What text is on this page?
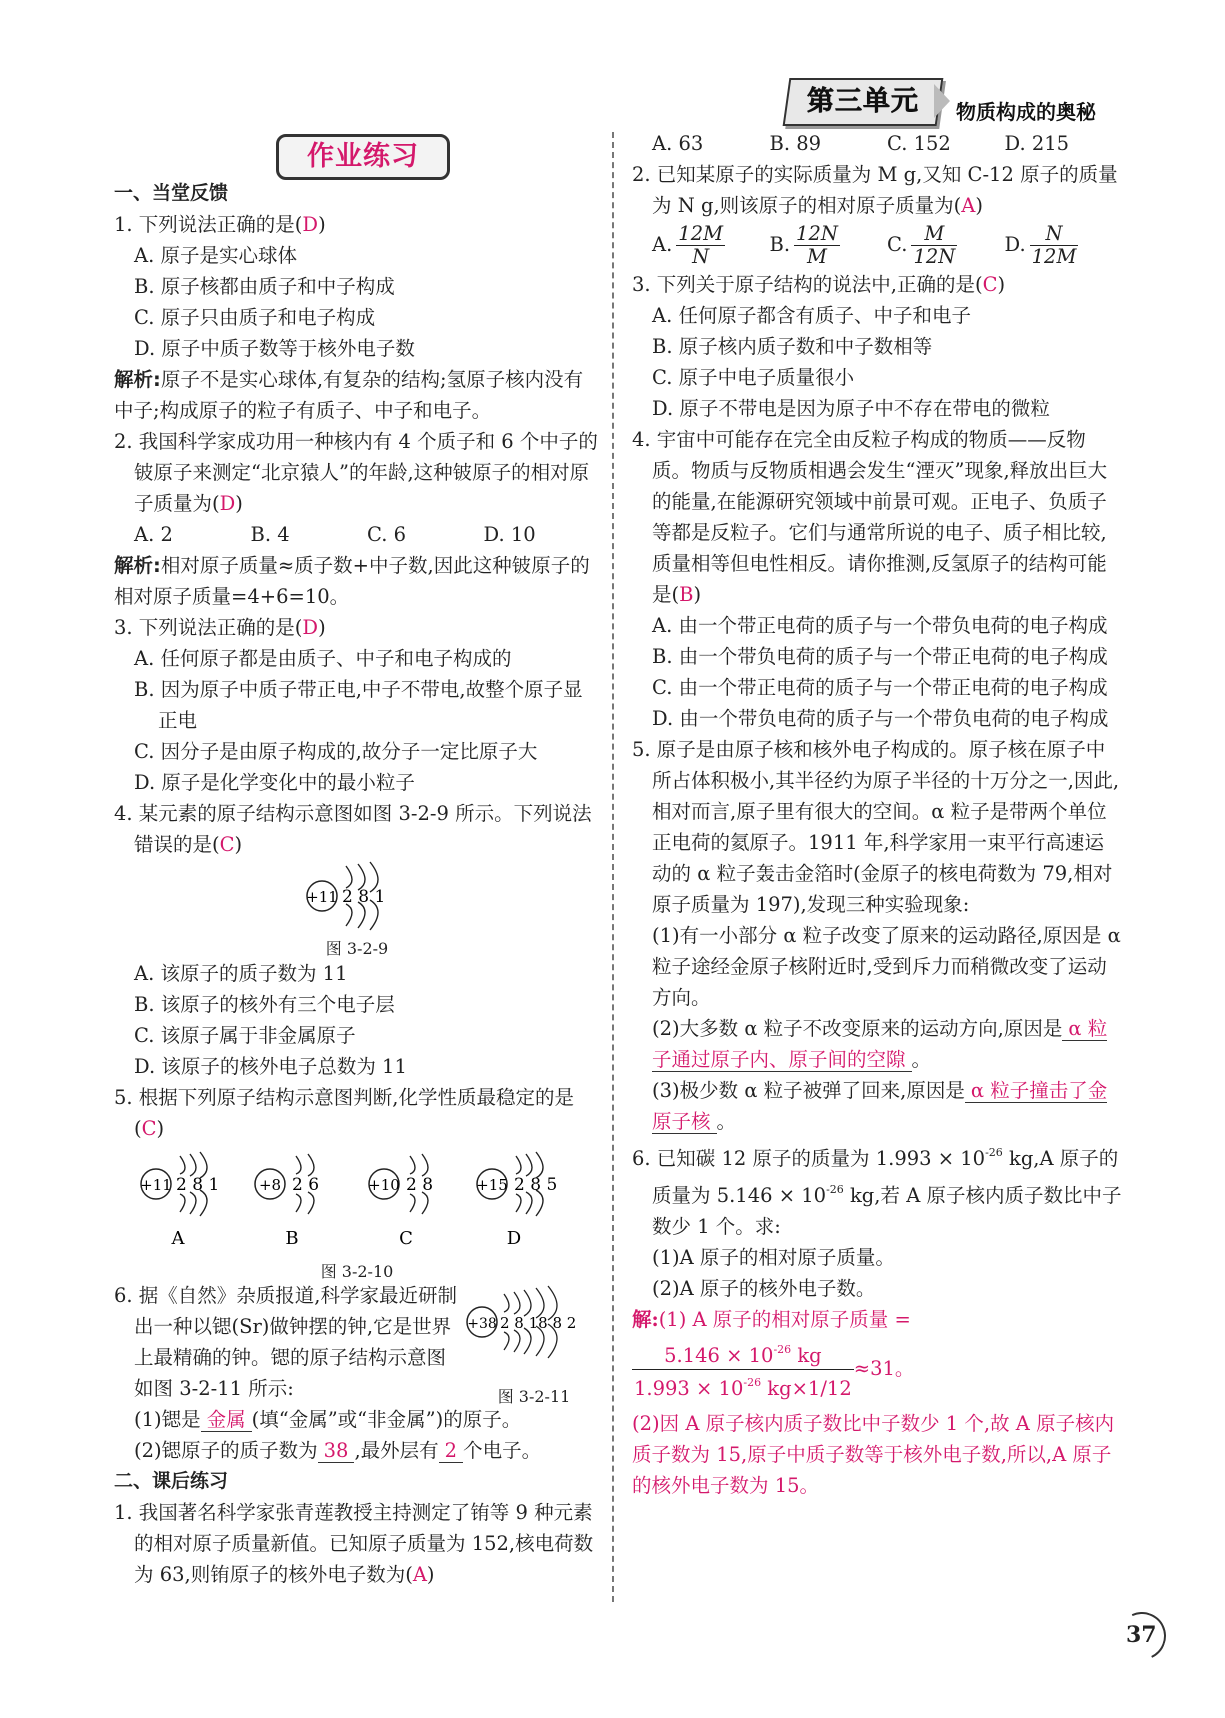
第三单元	物质构成的奥秘
作业练习

一、当堂反馈

1. 下列说法正确的是(D)

A. 原子是实心球体

B. 原子核都由质子和中子构成

C. 原子只由质子和电子构成

D. 原子中质子数等于核外电子数

解析:原子不是实心球体,有复杂的结构;氢原子核内没有中子;构成原子的粒子有质子、中子和电子。

2. 我国科学家成功用一种核内有 4 个质子和 6 个中子的铍原子来测定“北京猿人”的年龄,这种铍原子的相对原子质量为(D)

A. 2	B. 4	C. 6	D. 10

解析:相对原子质量≈质子数+中子数,因此这种铍原子的相对原子质量=4+6=10。

3. 下列说法正确的是(D)

A. 任何原子都是由质子、中子和电子构成的

B. 因为原子中质子带正电,中子不带电,故整个原子显正电

C. 因分子是由原子构成的,故分子一定比原子大

D. 原子是化学变化中的最小粒子

4. 某元素的原子结构示意图如图 3-2-9 所示。下列说法错误的是(C)

+11 2 8 1
图 3-2-9

A. 该原子的质子数为 11

B. 该原子的核外有三个电子层

C. 该原子属于非金属原子

D. 该原子的核外电子总数为 11

5. 根据下列原子结构示意图判断,化学性质最稳定的是(C)

+11 2 8 1
A
+8 2 6
B
+10 2 8
C
+15 2 8 5
D
图 3-2-10

6. 据《自然》杂质报道,科学家最近研制出一种以锶(Sr)做钟摆的钟,它是世界上最精确的钟。锶的原子结构示意图如图 3-2-11 所示:

+38 2 8 18 8 2
图 3-2-11

(1)锶是 金属 (填“金属”或“非金属”)的原子。

(2)锶原子的质子数为 38 ,最外层有 2 个电子。

二、课后练习

1. 我国著名科学家张青莲教授主持测定了铕等 9 种元素的相对原子质量新值。已知原子质量为 152,核电荷数为 63,则铕原子的核外电子数为(A)

A. 63	B. 89	C. 152	D. 215

2. 已知某原子的实际质量为 M g,又知 C-12 原子的质量为 N g,则该原子的相对原子质量为(A)

A. $\frac{12M}{N} B$. $\frac{12N}{M} C$. $\frac{M}{12N} D$. $\frac{N}{12M}$

3. 下列关于原子结构的说法中,正确的是(C)

A. 任何原子都含有质子、中子和电子

B. 原子核内质子数和中子数相等

C. 原子中电子质量很小

D. 原子不带电是因为原子中不存在带电的微粒

4. 宇宙中可能存在完全由反粒子构成的物质——反物质。物质与反物质相遇会发生“湮灭”现象,释放出巨大的能量,在能源研究领域中前景可观。正电子、负质子等都是反粒子。它们与通常所说的电子、质子相比较,质量相等但电性相反。请你推测,反氢原子的结构可能是(B)

A. 由一个带正电荷的质子与一个带负电荷的电子构成

B. 由一个带负电荷的质子与一个带正电荷的电子构成

C. 由一个带正电荷的质子与一个带正电荷的电子构成

D. 由一个带负电荷的质子与一个带负电荷的电子构成

5. 原子是由原子核和核外电子构成的。原子核在原子中所占体积极小,其半径约为原子半径的十万分之一,因此,相对而言,原子里有很大的空间。α 粒子是带两个单位正电荷的氦原子。1911 年,科学家用一束平行高速运动的 α 粒子轰击金箔时(金原子的核电荷数为 79,相对原子质量为 197),发现三种实验现象:

(1)有一小部分 α 粒子改变了原来的运动路径,原因是 α 粒子途经金原子核附近时,受到斥力而稍微改变了运动方向。

(2)大多数 α 粒子不改变原来的运动方向,原因是 α 粒子通过原子内、原子间的空隙 。

(3)极少数 α 粒子被弹了回来,原因是 α 粒子撞击了金原子核 。

6. 已知碳 12 原子的质量为 $1.993 \times 10^{-26}$ kg,A 原子的质量为 $5.146 \times 10^{-26}$ kg,若 A 原子核内质子数比中子数少 1 个。求:

(1)A 原子的相对原子质量。

(2)A 原子的核外电子数。

解:(1) A 原子的相对原子质量 =

$\frac{5.146 \times 10^{-26} kg}{1.993 \times 10^{-26} kg\times 1/12} \approx 31$。

(2)因 A 原子核内质子数比中子数少 1 个,故 A 原子核内质子数为 15,原子中质子数等于核外电子数,所以,A 原子的核外电子数为 15。

37
